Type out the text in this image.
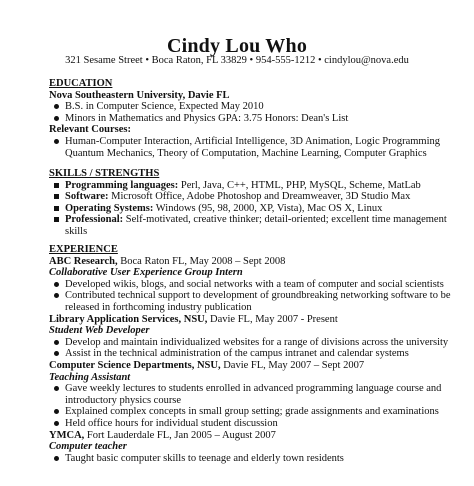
Cindy Lou Who
321 Sesame Street • Boca Raton, FL 33829 • 954-555-1212 • cindylou@nova.edu
EDUCATION
Nova Southeastern University, Davie FL
B.S. in Computer Science, Expected May 2010
Minors in Mathematics and Physics GPA: 3.75 Honors: Dean's List
Relevant Courses:
Human-Computer Interaction, Artificial Intelligence, 3D Animation, Logic Programming
Quantum Mechanics, Theory of Computation, Machine Learning, Computer Graphics
SKILLS / STRENGTHS
Programming languages: Perl, Java, C++, HTML, PHP, MySQL, Scheme, MatLab
Software: Microsoft Office, Adobe Photoshop and Dreamweaver, 3D Studio Max
Operating Systems: Windows (95, 98, 2000, XP, Vista), Mac OS X, Linux
Professional: Self-motivated, creative thinker; detail-oriented; excellent time management
skills
EXPERIENCE
ABC Research, Boca Raton FL, May 2008 – Sept 2008
Collaborative User Experience Group Intern
Developed wikis, blogs, and social networks with a team of computer and social scientists
Contributed technical support to development of groundbreaking networking software to be
released in forthcoming industry publication
Library Application Services, NSU, Davie FL, May 2007 - Present
Student Web Developer
Develop and maintain individualized websites for a range of divisions across the university
Assist in the technical administration of the campus intranet and calendar systems
Computer Science Departments, NSU, Davie FL, May 2007 – Sept 2007
Teaching Assistant
Gave weekly lectures to students enrolled in advanced programming language course and
introductory physics course
Explained complex concepts in small group setting; grade assignments and examinations
Held office hours for individual student discussion
YMCA, Fort Lauderdale FL, Jan 2005 – August 2007
Computer teacher
Taught basic computer skills to teenage and elderly town residents
